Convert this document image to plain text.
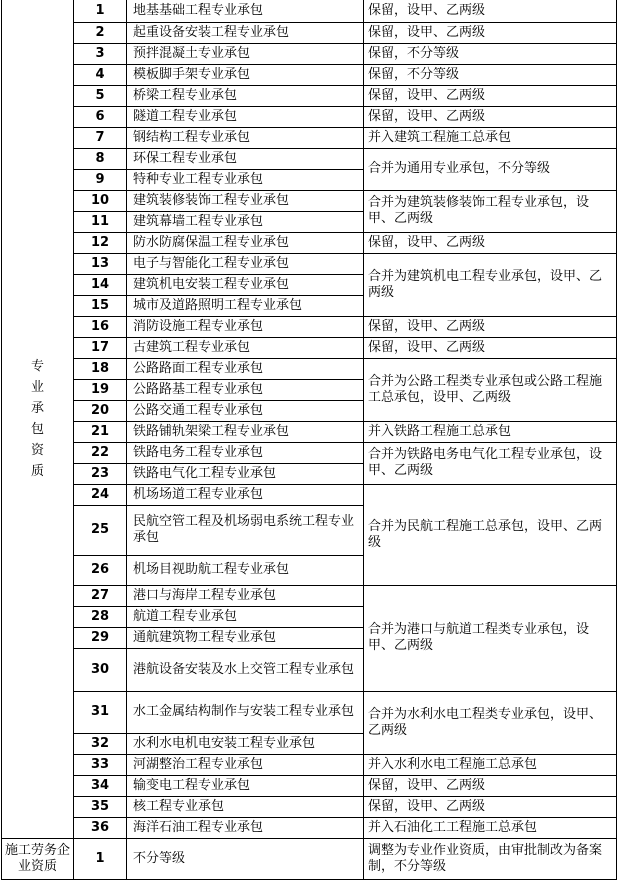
专业承包资质	1	地基基础工程专业承包	保留，设甲、乙两级
	2	起重设备安装工程专业承包	保留，设甲、乙两级
	3	预拌混凝土专业承包	保留，不分等级
	4	模板脚手架专业承包	保留，不分等级
	5	桥梁工程专业承包	保留，设甲、乙两级
	6	隧道工程专业承包	保留，设甲、乙两级
	7	钢结构工程专业承包	并入建筑工程施工总承包
	8	环保工程专业承包	合并为通用专业承包，不分等级
	9	特种专业工程专业承包	
	10	建筑装修装饰工程专业承包	合并为建筑装修装饰工程专业承包，设甲、乙两级
	11	建筑幕墙工程专业承包	
	12	防水防腐保温工程专业承包	保留，设甲、乙两级
	13	电子与智能化工程专业承包	合并为建筑机电工程专业承包，设甲、乙两级
	14	建筑机电安装工程专业承包	
	15	城市及道路照明工程专业承包	
	16	消防设施工程专业承包	保留，设甲、乙两级
	17	古建筑工程专业承包	保留，设甲、乙两级
	18	公路路面工程专业承包	合并为公路工程类专业承包或公路工程施工总承包，设甲、乙两级
	19	公路路基工程专业承包	
	20	公路交通工程专业承包	
	21	铁路铺轨架梁工程专业承包	并入铁路工程施工总承包
	22	铁路电务工程专业承包	合并为铁路电务电气化工程专业承包，设甲、乙两级
	23	铁路电气化工程专业承包	
	24	机场场道工程专业承包	合并为民航工程施工总承包，设甲、乙两级
	25	民航空管工程及机场弱电系统工程专业承包	
	26	机场目视助航工程专业承包	
	27	港口与海岸工程专业承包	合并为港口与航道工程类专业承包，设甲、乙两级
	28	航道工程专业承包	
	29	通航建筑物工程专业承包	
	30	港航设备安装及水上交管工程专业承包	
	31	水工金属结构制作与安装工程专业承包	合并为水利水电工程类专业承包，设甲、乙两级
	32	水利水电机电安装工程专业承包	
	33	河湖整治工程专业承包	并入水利水电工程施工总承包
	34	输变电工程专业承包	保留，设甲、乙两级
	35	核工程专业承包	保留，设甲、乙两级
	36	海洋石油工程专业承包	并入石油化工工程施工总承包
施工劳务企业资质	1	不分等级	调整为专业作业资质，由审批制改为备案制，不分等级
